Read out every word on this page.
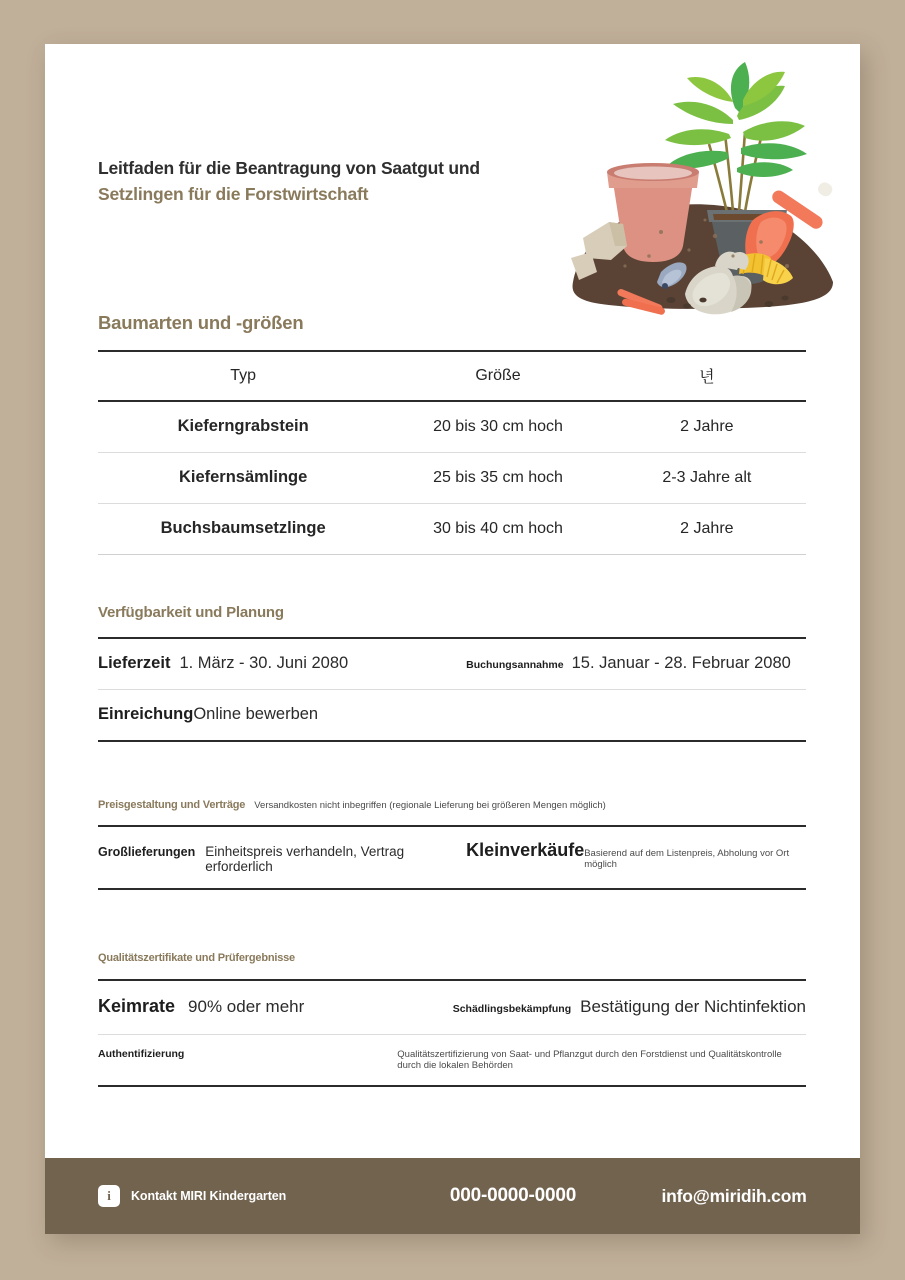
Leitfaden für die Beantragung von Saatgut und
Setzlingen für die Forstwirtschaft
Baumarten und -größen
Typ	Größe	년
Kieferngrabstein	20 bis 30 cm hoch	2 Jahre
Kiefernsämlinge	25 bis 35 cm hoch	2-3 Jahre alt
Buchsbaumsetzlinge	30 bis 40 cm hoch	2 Jahre
Verfügbarkeit und Planung
Lieferzeit 1. März - 30. Juni 2080	Buchungsannahme 15. Januar - 28. Februar 2080
Einreichung Online bewerben
Preisgestaltung und Verträge Versandkosten nicht inbegriffen (regionale Lieferung bei größeren Mengen möglich)
Großlieferungen Einheitspreis verhandeln, Vertrag erforderlich
Kleinverkäufe Basierend auf dem Listenpreis, Abholung vor Ort möglich
Qualitätszertifikate und Prüfergebnisse
Keimrate 90% oder mehr	Schädlingsbekämpfung Bestätigung der Nichtinfektion
Authentifizierung	Qualitätszertifizierung von Saat- und Pflanzgut durch den Forstdienst und Qualitätskontrolle durch die lokalen Behörden
i	Kontakt MIRI Kindergarten	000-0000-0000	info@miridih.com
